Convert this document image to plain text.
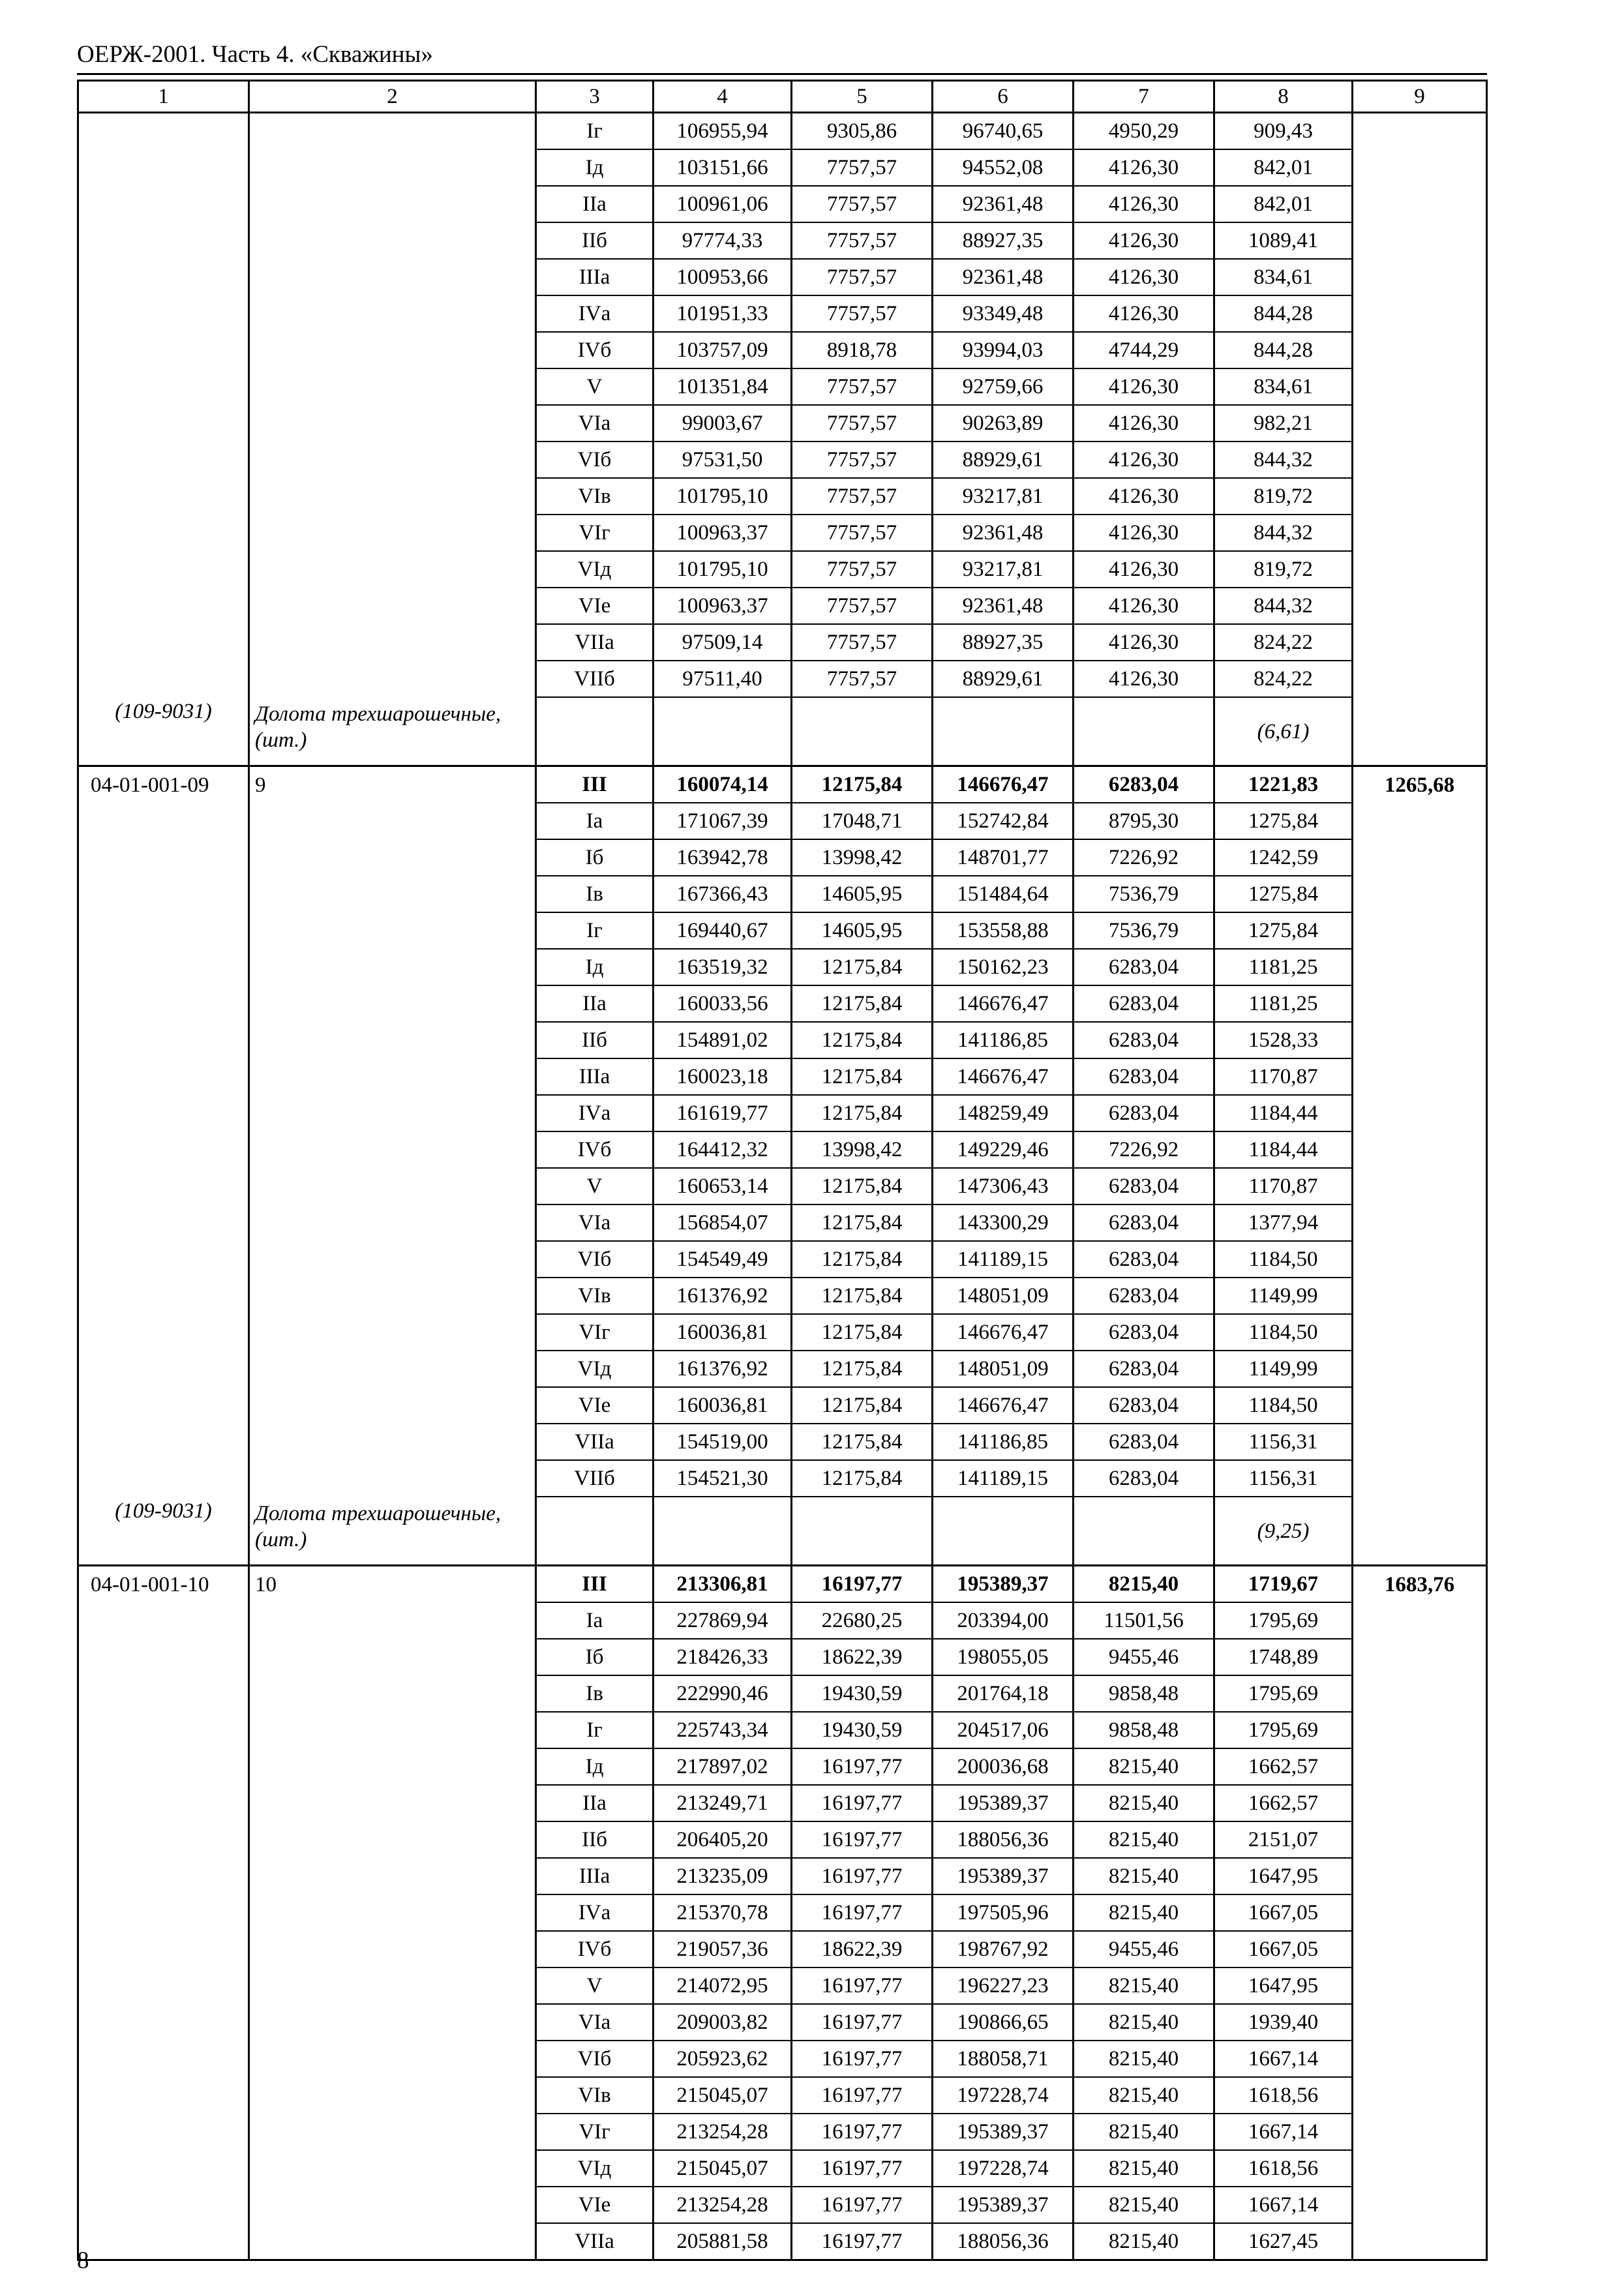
ОЕРЖ-2001. Часть 4. «Скважины»
1	2	3	4	5	6	7	8	9
		Iг	106955,94	9305,86	96740,65	4950,29	909,43	
		Iд	103151,66	7757,57	94552,08	4126,30	842,01	
		IIа	100961,06	7757,57	92361,48	4126,30	842,01	
		IIб	97774,33	7757,57	88927,35	4126,30	1089,41	
		IIIа	100953,66	7757,57	92361,48	4126,30	834,61	
		IVа	101951,33	7757,57	93349,48	4126,30	844,28	
		IVб	103757,09	8918,78	93994,03	4744,29	844,28	
		V	101351,84	7757,57	92759,66	4126,30	834,61	
		VIа	99003,67	7757,57	90263,89	4126,30	982,21	
		VIб	97531,50	7757,57	88929,61	4126,30	844,32	
		VIв	101795,10	7757,57	93217,81	4126,30	819,72	
		VIг	100963,37	7757,57	92361,48	4126,30	844,32	
		VIд	101795,10	7757,57	93217,81	4126,30	819,72	
		VIе	100963,37	7757,57	92361,48	4126,30	844,32	
		VIIа	97509,14	7757,57	88927,35	4126,30	824,22	
		VIIб	97511,40	7757,57	88929,61	4126,30	824,22	
(109-9031)	Долота трехшарошечные, (шт.)						(6,61)	
04-01-001-09	9	III	160074,14	12175,84	146676,47	6283,04	1221,83	1265,68
		Iа	171067,39	17048,71	152742,84	8795,30	1275,84	
		Iб	163942,78	13998,42	148701,77	7226,92	1242,59	
		Iв	167366,43	14605,95	151484,64	7536,79	1275,84	
		Iг	169440,67	14605,95	153558,88	7536,79	1275,84	
		Iд	163519,32	12175,84	150162,23	6283,04	1181,25	
		IIа	160033,56	12175,84	146676,47	6283,04	1181,25	
		IIб	154891,02	12175,84	141186,85	6283,04	1528,33	
		IIIа	160023,18	12175,84	146676,47	6283,04	1170,87	
		IVа	161619,77	12175,84	148259,49	6283,04	1184,44	
		IVб	164412,32	13998,42	149229,46	7226,92	1184,44	
		V	160653,14	12175,84	147306,43	6283,04	1170,87	
		VIа	156854,07	12175,84	143300,29	6283,04	1377,94	
		VIб	154549,49	12175,84	141189,15	6283,04	1184,50	
		VIв	161376,92	12175,84	148051,09	6283,04	1149,99	
		VIг	160036,81	12175,84	146676,47	6283,04	1184,50	
		VIд	161376,92	12175,84	148051,09	6283,04	1149,99	
		VIе	160036,81	12175,84	146676,47	6283,04	1184,50	
		VIIа	154519,00	12175,84	141186,85	6283,04	1156,31	
		VIIб	154521,30	12175,84	141189,15	6283,04	1156,31	
(109-9031)	Долота трехшарошечные, (шт.)						(9,25)	
04-01-001-10	10	III	213306,81	16197,77	195389,37	8215,40	1719,67	1683,76
		Iа	227869,94	22680,25	203394,00	11501,56	1795,69	
		Iб	218426,33	18622,39	198055,05	9455,46	1748,89	
		Iв	222990,46	19430,59	201764,18	9858,48	1795,69	
		Iг	225743,34	19430,59	204517,06	9858,48	1795,69	
		Iд	217897,02	16197,77	200036,68	8215,40	1662,57	
		IIа	213249,71	16197,77	195389,37	8215,40	1662,57	
		IIб	206405,20	16197,77	188056,36	8215,40	2151,07	
		IIIа	213235,09	16197,77	195389,37	8215,40	1647,95	
		IVа	215370,78	16197,77	197505,96	8215,40	1667,05	
		IVб	219057,36	18622,39	198767,92	9455,46	1667,05	
		V	214072,95	16197,77	196227,23	8215,40	1647,95	
		VIа	209003,82	16197,77	190866,65	8215,40	1939,40	
		VIб	205923,62	16197,77	188058,71	8215,40	1667,14	
		VIв	215045,07	16197,77	197228,74	8215,40	1618,56	
		VIг	213254,28	16197,77	195389,37	8215,40	1667,14	
		VIд	215045,07	16197,77	197228,74	8215,40	1618,56	
		VIе	213254,28	16197,77	195389,37	8215,40	1667,14	
		VIIа	205881,58	16197,77	188056,36	8215,40	1627,45	
8
